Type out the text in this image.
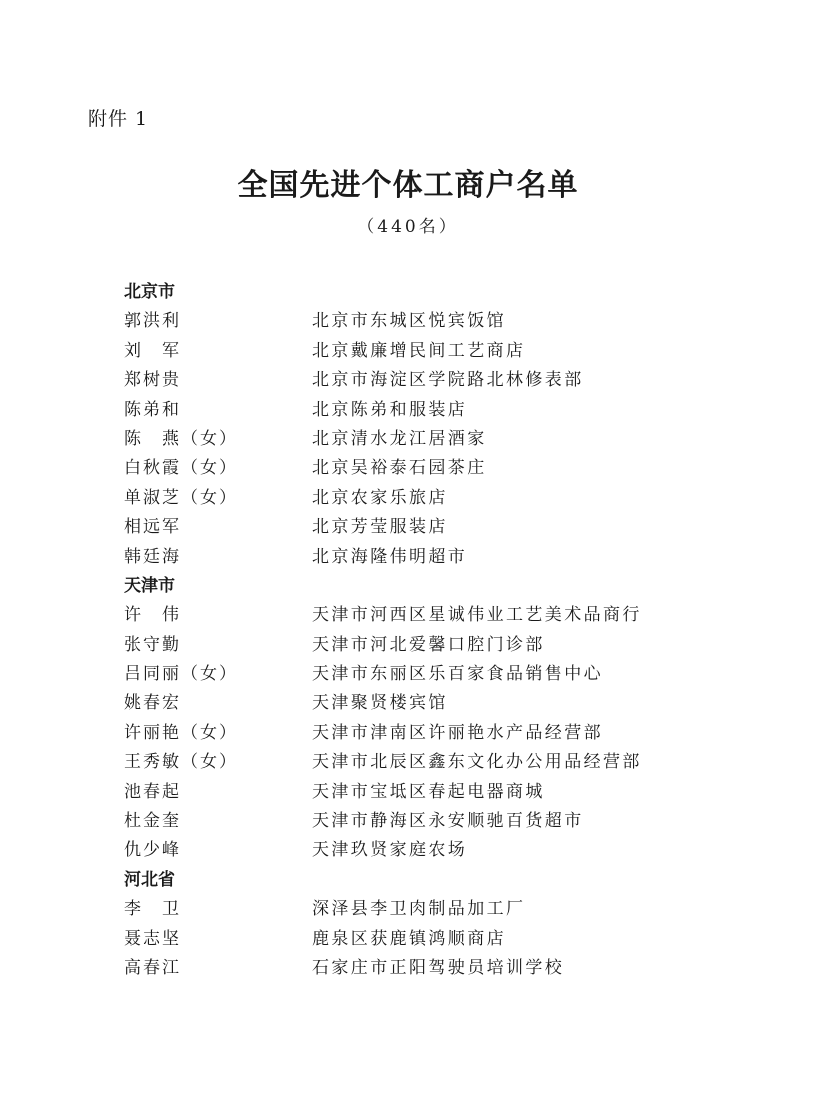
附件 1
全国先进个体工商户名单
（440名）
北京市
郭洪利	北京市东城区悦宾饭馆
刘　军	北京戴廉增民间工艺商店
郑树贵	北京市海淀区学院路北林修表部
陈弟和	北京陈弟和服装店
陈　燕（女）	北京清水龙江居酒家
白秋霞（女）	北京吴裕泰石园茶庄
单淑芝（女）	北京农家乐旅店
相远军	北京芳莹服装店
韩廷海	北京海隆伟明超市
天津市
许　伟	天津市河西区星诚伟业工艺美术品商行
张守勤	天津市河北爱馨口腔门诊部
吕同丽（女）	天津市东丽区乐百家食品销售中心
姚春宏	天津聚贤楼宾馆
许丽艳（女）	天津市津南区许丽艳水产品经营部
王秀敏（女）	天津市北辰区鑫东文化办公用品经营部
池春起	天津市宝坻区春起电器商城
杜金奎	天津市静海区永安顺驰百货超市
仇少峰	天津玖贤家庭农场
河北省
李　卫	深泽县李卫肉制品加工厂
聂志坚	鹿泉区获鹿镇鸿顺商店
高春江	石家庄市正阳驾驶员培训学校
